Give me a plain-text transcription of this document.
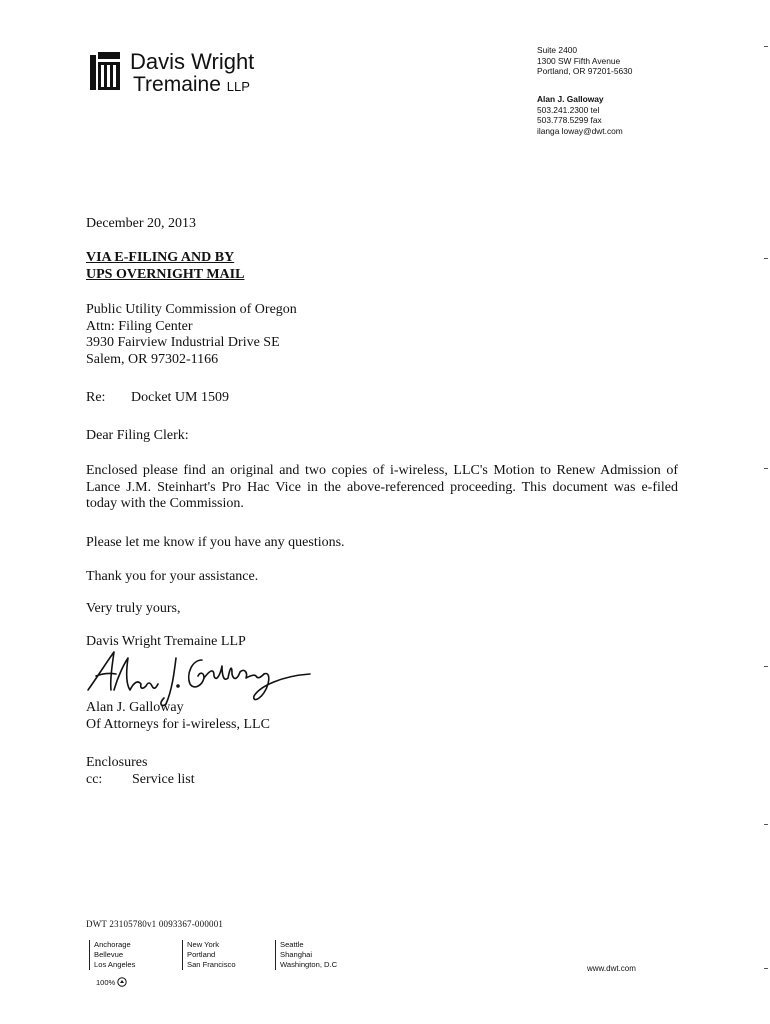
Davis Wright
Tremaine LLP
Suite 2400
1300 SW Fifth Avenue
Portland, OR 97201-5630
Alan J. Galloway
503.241.2300 tel
503.778.5299 fax
ilanga loway@dwt.com
December 20, 2013
VIA E-FILING AND BY
UPS OVERNIGHT MAIL
Public Utility Commission of Oregon
Attn: Filing Center
3930 Fairview Industrial Drive SE
Salem, OR 97302-1166
Re: Docket UM 1509
Dear Filing Clerk:
Enclosed please find an original and two copies of i-wireless, LLC's Motion to Renew Admission of Lance J.M. Steinhart's Pro Hac Vice in the above-referenced proceeding. This document was e-filed today with the Commission.
Please let me know if you have any questions.
Thank you for your assistance.
Very truly yours,
Davis Wright Tremaine LLP
Alan J. Galloway
Of Attorneys for i-wireless, LLC
Enclosures
cc: Service list
DWT 23105780v1 0093367-000001
Anchorage
Bellevue
Los Angeles
New York
Portland
San Francisco
Seattle
Shanghai
Washington, D.C	www.dwt.com
100%
